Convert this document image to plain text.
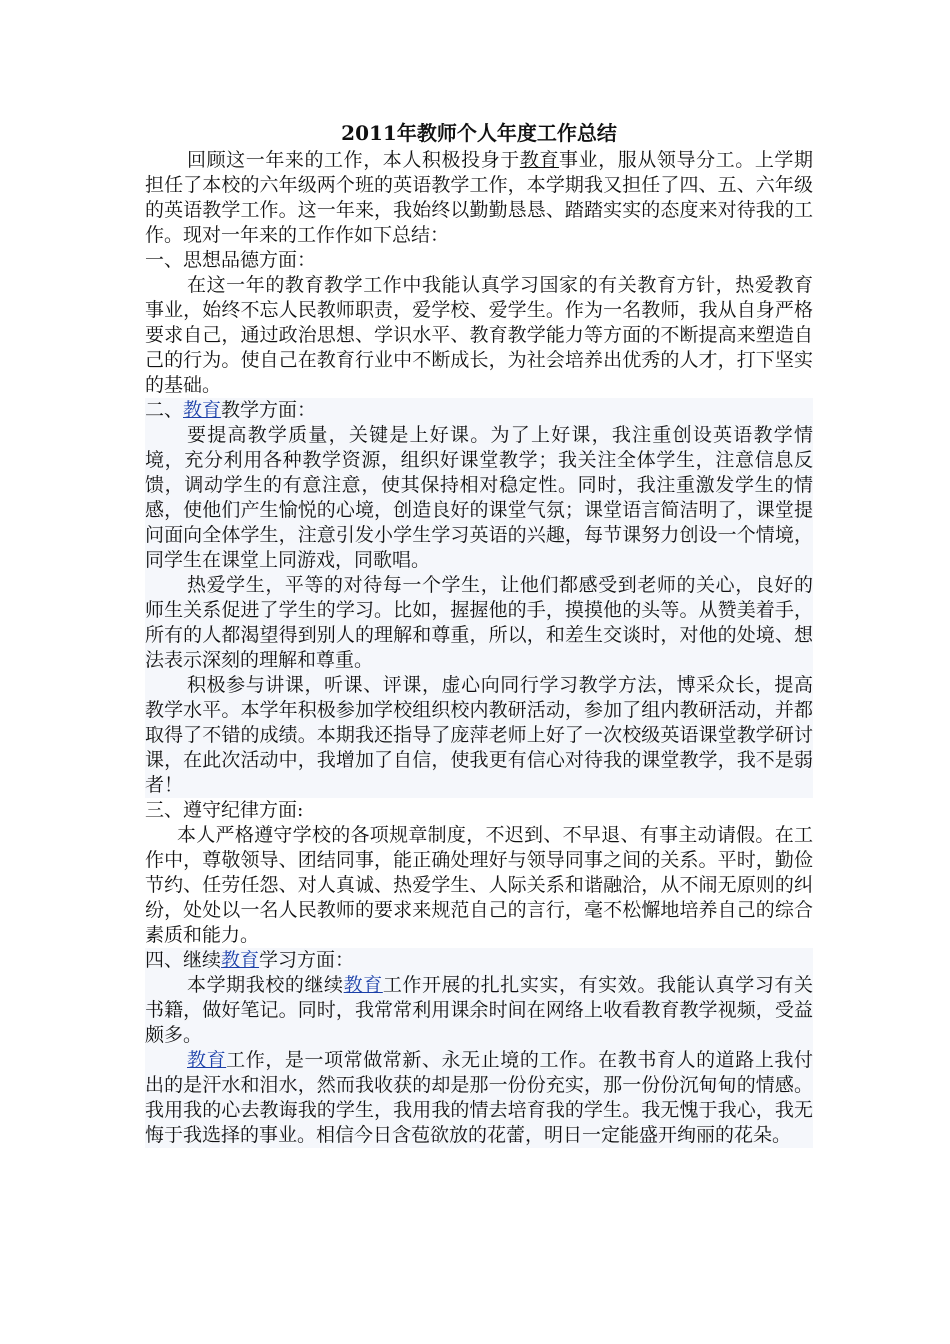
2011年教师个人年度工作总结

回顾这一年来的工作，本人积极投身于教育事业，服从领导分工。上学期担任了本校的六年级两个班的英语教学工作，本学期我又担任了四、五、六年级的英语教学工作。这一年来，我始终以勤勤恳恳、踏踏实实的态度来对待我的工作。现对一年来的工作作如下总结：

一、思想品德方面：

在这一年的教育教学工作中我能认真学习国家的有关教育方针，热爱教育事业，始终不忘人民教师职责，爱学校、爱学生。作为一名教师，我从自身严格要求自己，通过政治思想、学识水平、教育教学能力等方面的不断提高来塑造自己的行为。使自己在教育行业中不断成长，为社会培养出优秀的人才，打下坚实的基础。

二、教育教学方面：

要提高教学质量，关键是上好课。为了上好课，我注重创设英语教学情境，充分利用各种教学资源，组织好课堂教学；我关注全体学生，注意信息反馈，调动学生的有意注意，使其保持相对稳定性。同时，我注重激发学生的情感，使他们产生愉悦的心境，创造良好的课堂气氛；课堂语言简洁明了，课堂提问面向全体学生，注意引发小学生学习英语的兴趣，每节课努力创设一个情境，同学生在课堂上同游戏，同歌唱。

热爱学生，平等的对待每一个学生，让他们都感受到老师的关心，良好的师生关系促进了学生的学习。比如，握握他的手，摸摸他的头等。从赞美着手，所有的人都渴望得到别人的理解和尊重，所以，和差生交谈时，对他的处境、想法表示深刻的理解和尊重。

积极参与讲课，听课、评课，虚心向同行学习教学方法，博采众长，提高教学水平。本学年积极参加学校组织校内教研活动，参加了组内教研活动，并都取得了不错的成绩。本期我还指导了庞萍老师上好了一次校级英语课堂教学研讨课，在此次活动中，我增加了自信，使我更有信心对待我的课堂教学，我不是弱者！

三、遵守纪律方面:

本人严格遵守学校的各项规章制度，不迟到、不早退、有事主动请假。在工作中，尊敬领导、团结同事，能正确处理好与领导同事之间的关系。平时，勤俭节约、任劳任怨、对人真诚、热爱学生、人际关系和谐融洽，从不闹无原则的纠纷，处处以一名人民教师的要求来规范自己的言行，毫不松懈地培养自己的综合素质和能力。

四、继续教育学习方面：

本学期我校的继续教育工作开展的扎扎实实，有实效。我能认真学习有关书籍，做好笔记。同时，我常常利用课余时间在网络上收看教育教学视频，受益颇多。

教育工作，是一项常做常新、永无止境的工作。在教书育人的道路上我付出的是汗水和泪水，然而我收获的却是那一份份充实，那一份份沉甸甸的情感。我用我的心去教诲我的学生，我用我的情去培育我的学生。我无愧于我心，我无悔于我选择的事业。相信今日含苞欲放的花蕾，明日一定能盛开绚丽的花朵。
